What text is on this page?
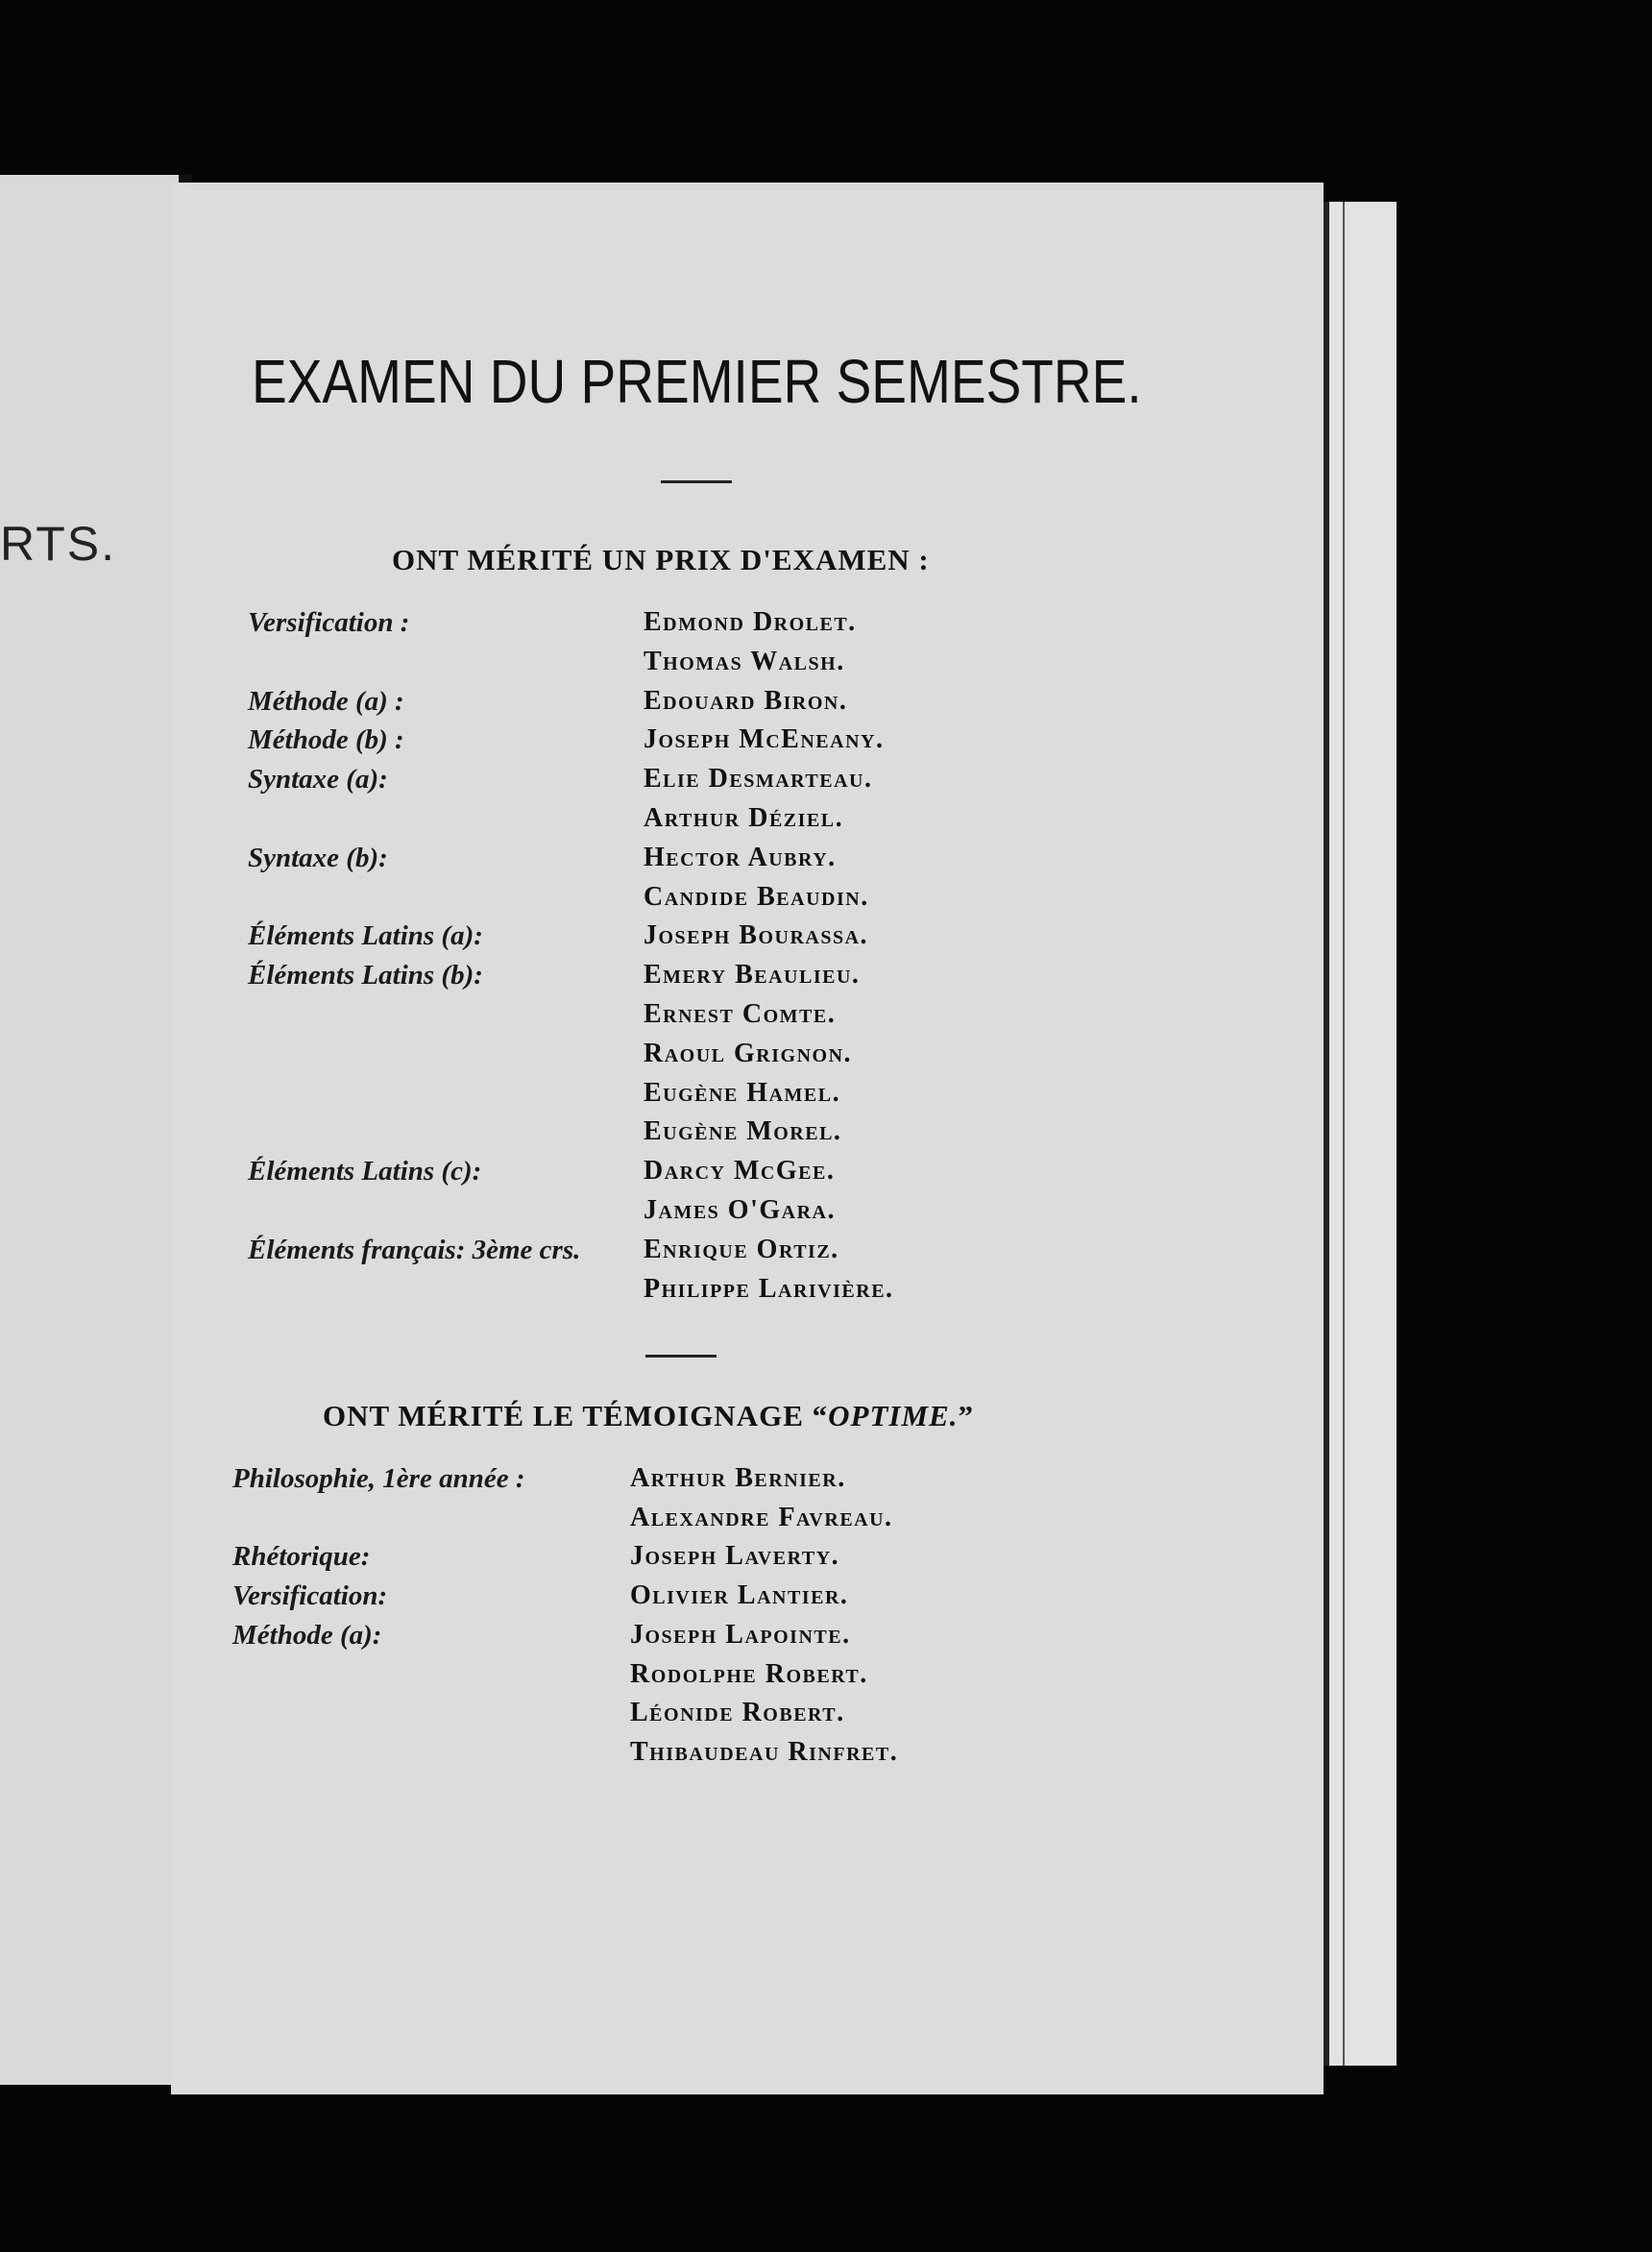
RTS.
EXAMEN DU PREMIER SEMESTRE.
ONT MÉRITÉ UN PRIX D'EXAMEN :
Versification :	Edmond Drolet.
Thomas Walsh.
Méthode (a) :	Edouard Biron.
Méthode (b) :	Joseph McEneany.
Syntaxe (a):	Elie Desmarteau.
Arthur Déziel.
Syntaxe (b):	Hector Aubry.
Candide Beaudin.
Éléments Latins (a):	Joseph Bourassa.
Éléments Latins (b):	Emery Beaulieu.
Ernest Comte.
Raoul Grignon.
Eugène Hamel.
Eugène Morel.
Éléments Latins (c):	Darcy McGee.
James O'Gara.
Éléments français: 3ème crs. Enrique Ortiz.
Philippe Larivière.
ONT MÉRITÉ LE TÉMOIGNAGE “OPTIME.”
Philosophie, 1ère année :	Arthur Bernier.
Alexandre Favreau.
Rhétorique:	Joseph Laverty.
Versification:	Olivier Lantier.
Méthode (a):	Joseph Lapointe.
Rodolphe Robert.
Léonide Robert.
Thibaudeau Rinfret.
